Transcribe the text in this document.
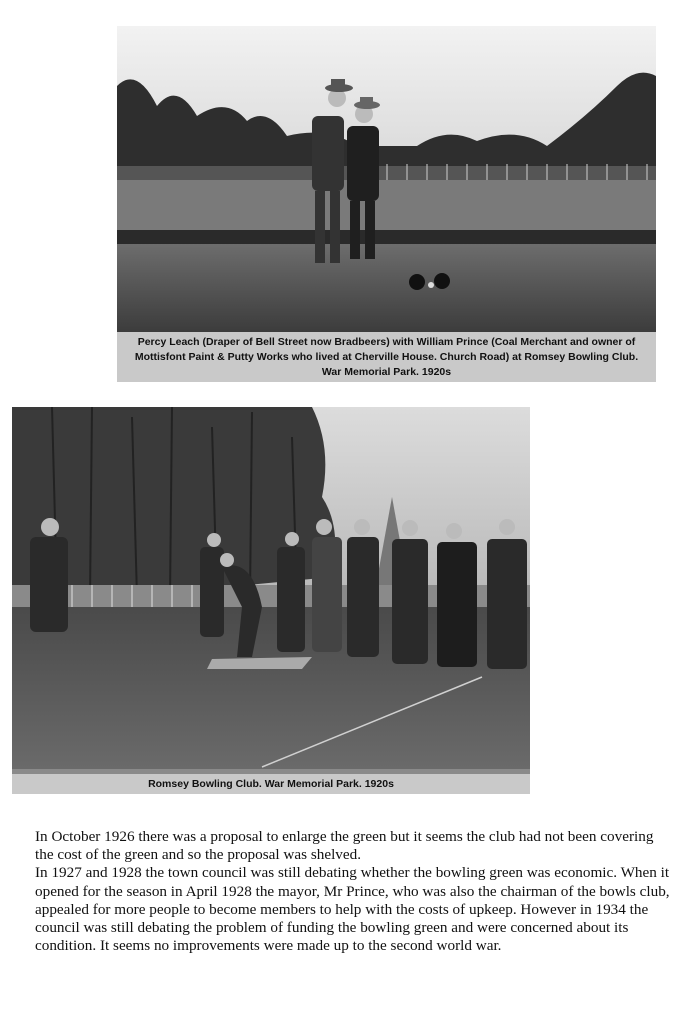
Percy Leach (Draper of Bell Street now Bradbeers) with William Prince (Coal Merchant and owner of Mottisfont Paint & Putty Works who lived at Cherville House. Church Road) at Romsey Bowling Club. War Memorial Park. 1920s
Romsey Bowling Club. War Memorial Park. 1920s

In October 1926 there was a proposal to enlarge the green but it seems the club had not been covering the cost of the green and so the proposal was shelved.

In 1927 and 1928 the town council was still debating whether the bowling green was economic. When it opened for the season in April 1928 the mayor, Mr Prince, who was also the chairman of the bowls club, appealed for more people to become members to help with the costs of upkeep. However in 1934 the council was still debating the problem of funding the bowling green and were concerned about its condition. It seems no improvements were made up to the second world war.
